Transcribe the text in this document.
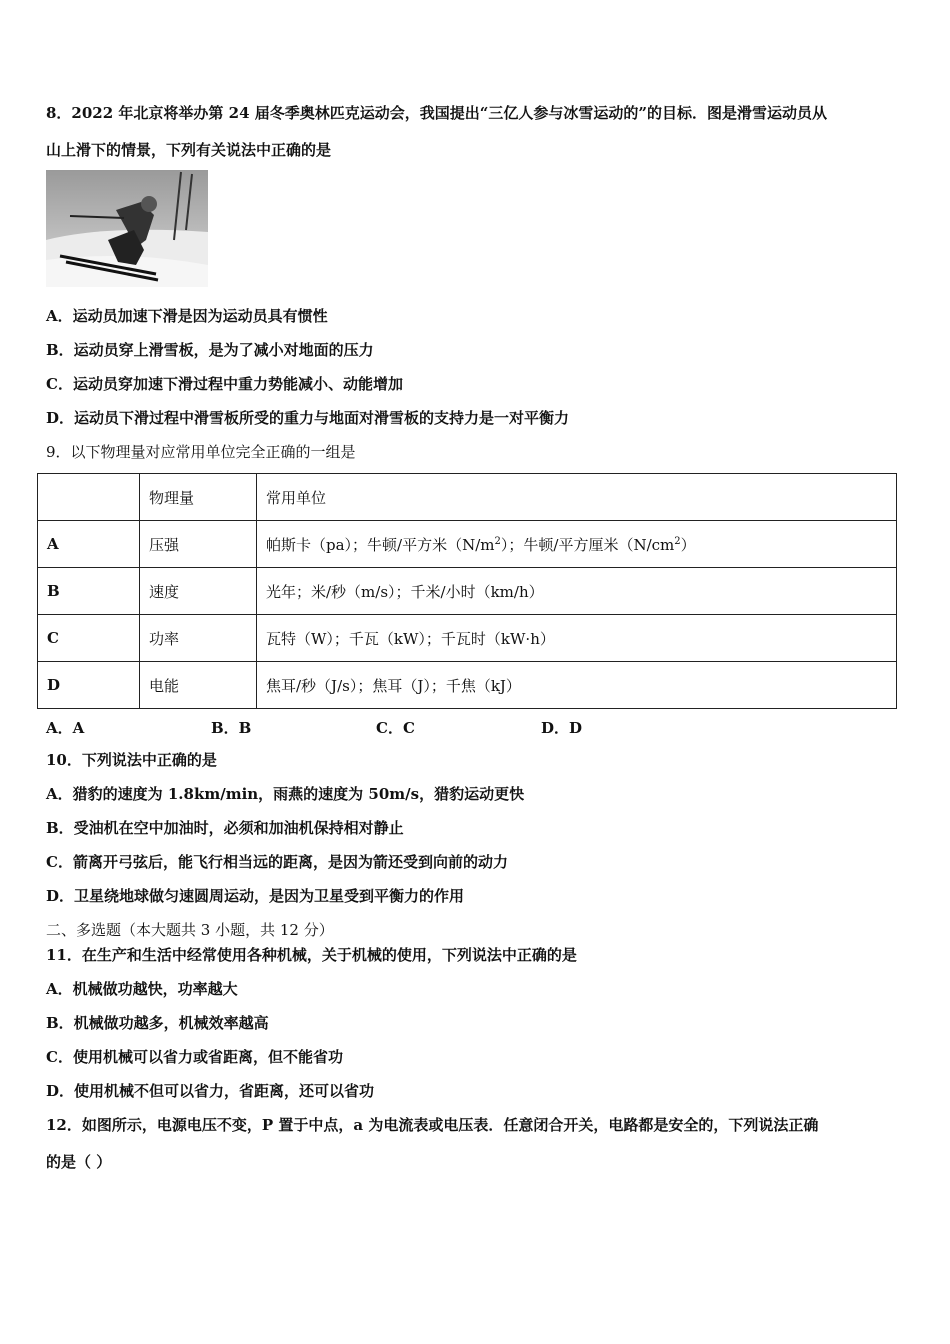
8．2022 年北京将举办第 24 届冬季奥林匹克运动会，我国提出“三亿人参与冰雪运动的”的目标．图是滑雪运动员从
山上滑下的情景，下列有关说法中正确的是
A．运动员加速下滑是因为运动员具有惯性
B．运动员穿上滑雪板，是为了减小对地面的压力
C．运动员穿加速下滑过程中重力势能减小、动能增加
D．运动员下滑过程中滑雪板所受的重力与地面对滑雪板的支持力是一对平衡力
9．以下物理量对应常用单位完全正确的一组是
	物理量	常用单位
A	压强	帕斯卡（pa）；牛顿/平方米$(N/m^2)$；牛顿/平方厘米$(N/cm^2)$
B	速度	光年；米/秒（m/s）；千米/小时（km/h）
C	功率	瓦特（W）；千瓦（kW）；千瓦时（kW·h）
D	电能	焦耳/秒（J/s）；焦耳（J）；千焦（kJ）
A．A	B．B	C．C	D．D
10．下列说法中正确的是
A．猎豹的速度为 1.8km/min，雨燕的速度为 50m/s，猎豹运动更快
B．受油机在空中加油时，必须和加油机保持相对静止
C．箭离开弓弦后，能飞行相当远的距离，是因为箭还受到向前的动力
D．卫星绕地球做匀速圆周运动，是因为卫星受到平衡力的作用
二、多选题（本大题共 3 小题，共 12 分）
11．在生产和生活中经常使用各种机械，关于机械的使用，下列说法中正确的是
A．机械做功越快，功率越大
B．机械做功越多，机械效率越高
C．使用机械可以省力或省距离，但不能省功
D．使用机械不但可以省力，省距离，还可以省功
12．如图所示，电源电压不变，P 置于中点，a 为电流表或电压表．任意闭合开关，电路都是安全的，下列说法正确
的是（ ）
